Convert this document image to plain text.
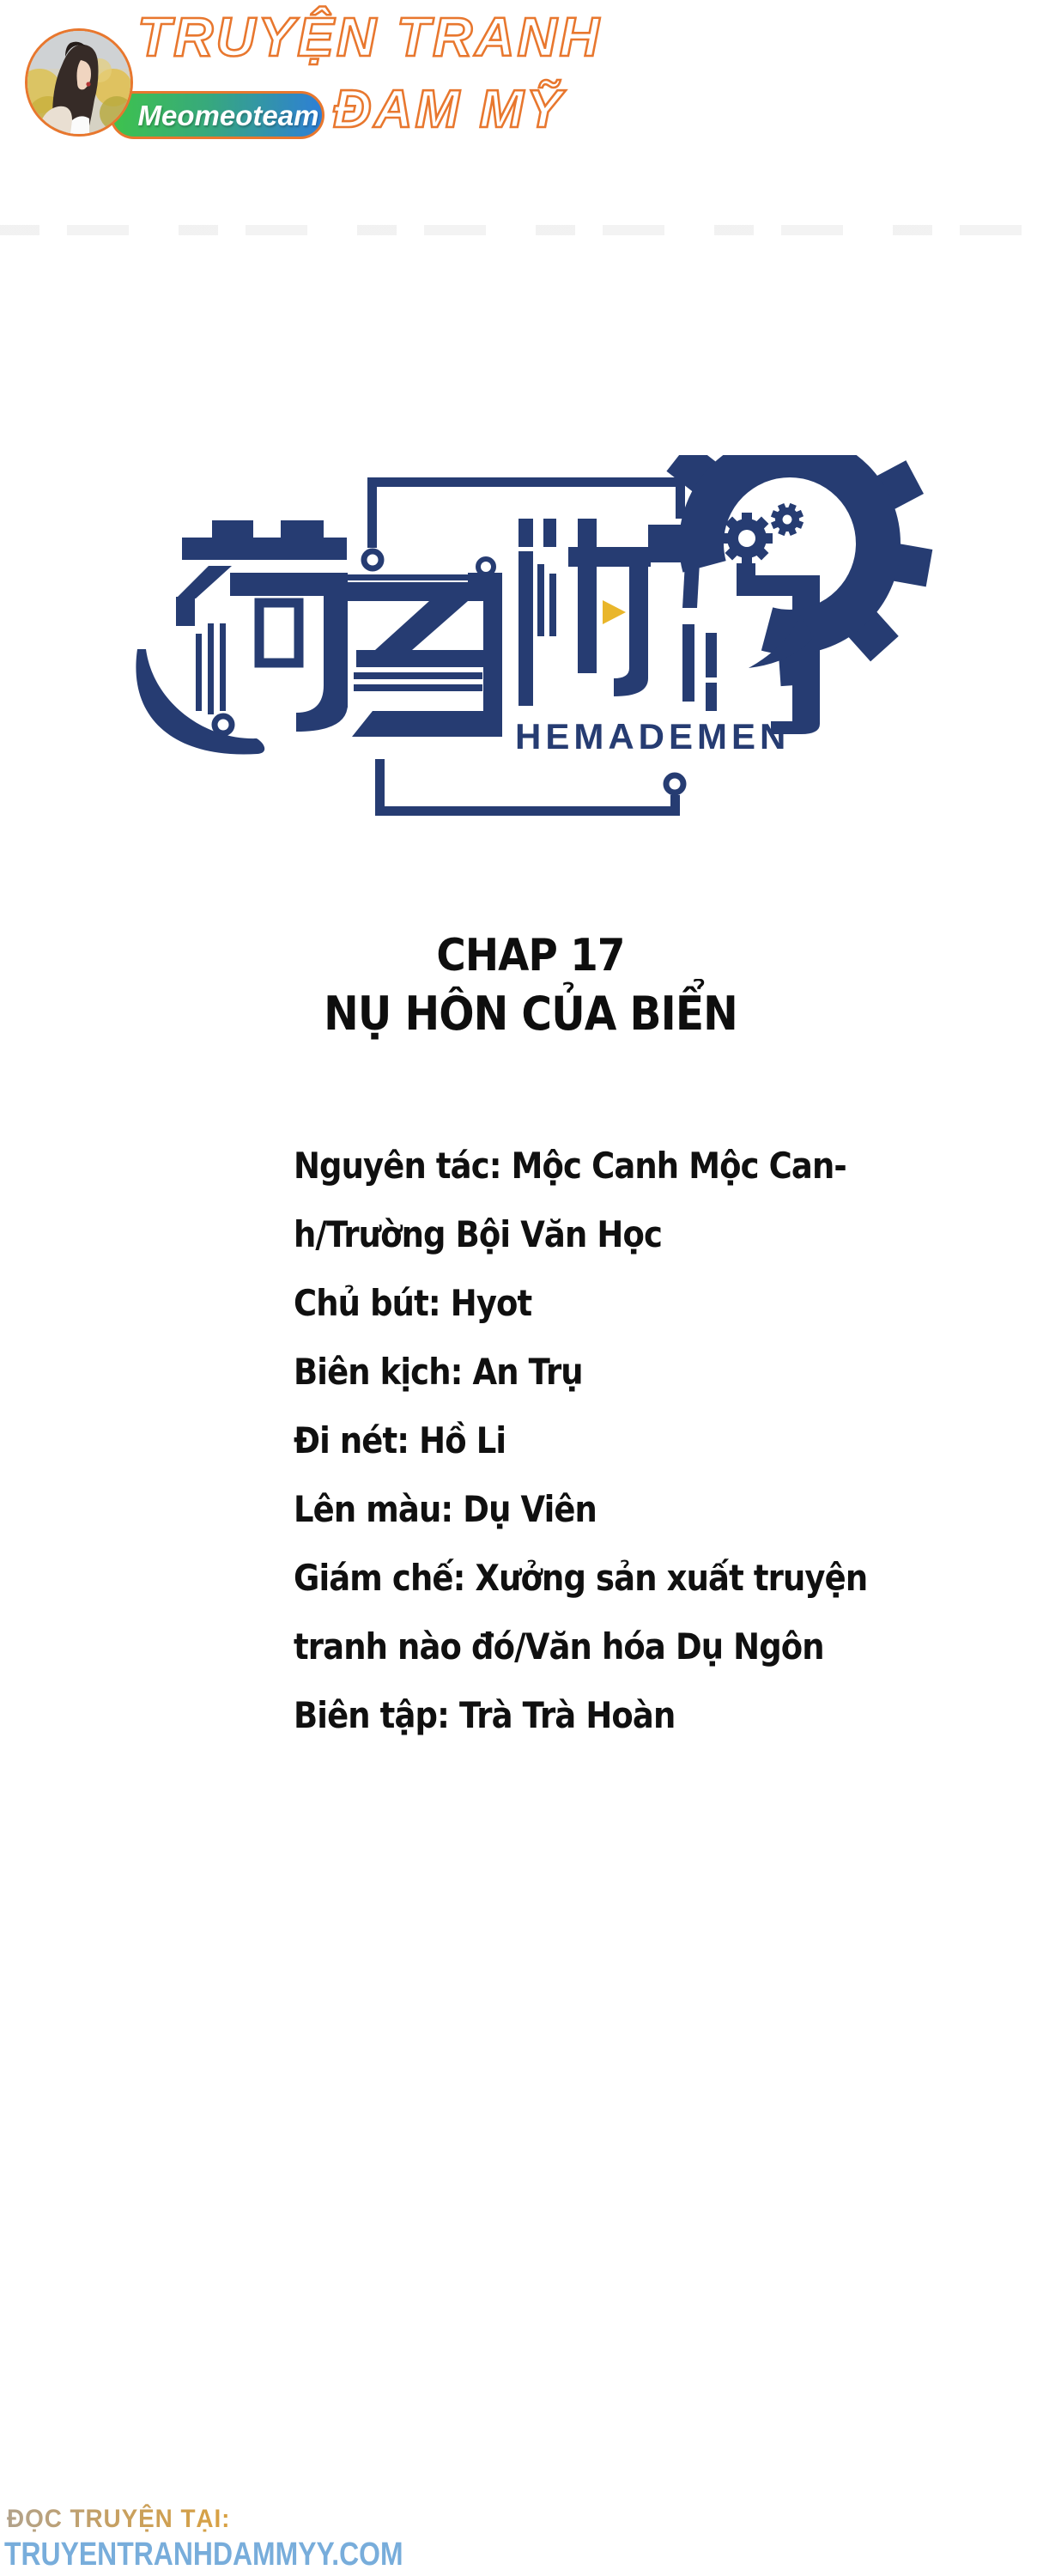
TRUYỆN TRANH
ĐAM MỸ
Meomeoteam
HEMADEMEN
CHAP 17
NỤ HÔN CỦA BIỂN
Nguyên tác: Mộc Canh Mộc Can-
h/Trường Bội Văn Học
Chủ bút: Hyot
Biên kịch: An Trụ
Đi nét: Hồ Li
Lên màu: Dụ Viên
Giám chế: Xưởng sản xuất truyện
tranh nào đó/Văn hóa Dụ Ngôn
Biên tập: Trà Trà Hoàn
ĐỌC TRUYỆN TẠI:
TRUYENTRANHDAMMYY.COM
